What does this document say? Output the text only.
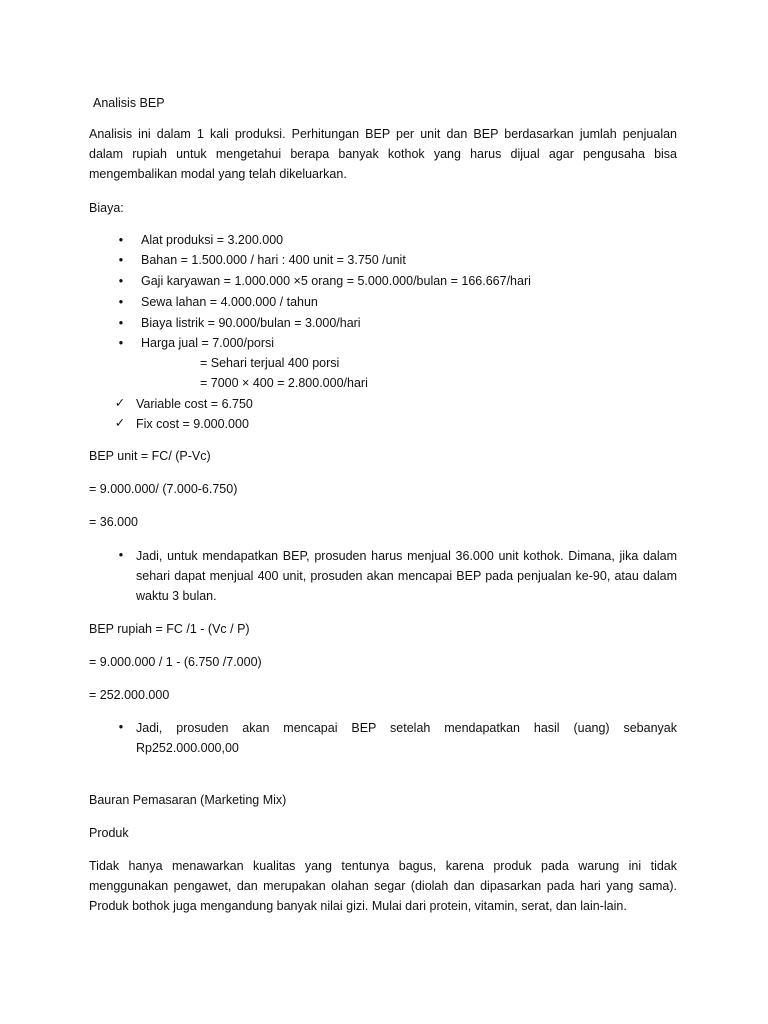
Analisis BEP
Analisis ini dalam 1 kali produksi. Perhitungan BEP per unit dan BEP berdasarkan jumlah penjualan
dalam rupiah untuk mengetahui berapa banyak kothok yang harus dijual agar pengusaha bisa
mengembalikan modal yang telah dikeluarkan.
Biaya:
• Alat produksi = 3.200.000
• Bahan = 1.500.000 / hari : 400 unit = 3.750 /unit
• Gaji karyawan = 1.000.000 ×5 orang = 5.000.000/bulan = 166.667/hari
• Sewa lahan = 4.000.000 / tahun
• Biaya listrik = 90.000/bulan = 3.000/hari
• Harga jual = 7.000/porsi
= Sehari terjual 400 porsi
= 7000 × 400 = 2.800.000/hari
✓ Variable cost = 6.750
✓ Fix cost = 9.000.000
BEP unit = FC/ (P-Vc)
= 9.000.000/ (7.000-6.750)
= 36.000
• Jadi, untuk mendapatkan BEP, prosuden harus menjual 36.000 unit kothok. Dimana, jika dalam
sehari dapat menjual 400 unit, prosuden akan mencapai BEP pada penjualan ke-90, atau dalam
waktu 3 bulan.
BEP rupiah = FC /1 - (Vc / P)
= 9.000.000 / 1 - (6.750 /7.000)
= 252.000.000
• Jadi, prosuden akan mencapai BEP setelah mendapatkan hasil (uang) sebanyak
Rp252.000.000,00
Bauran Pemasaran (Marketing Mix)
Produk
Tidak hanya menawarkan kualitas yang tentunya bagus, karena produk pada warung ini tidak
menggunakan pengawet, dan merupakan olahan segar (diolah dan dipasarkan pada hari yang sama).
Produk bothok juga mengandung banyak nilai gizi. Mulai dari protein, vitamin, serat, dan lain-lain.
